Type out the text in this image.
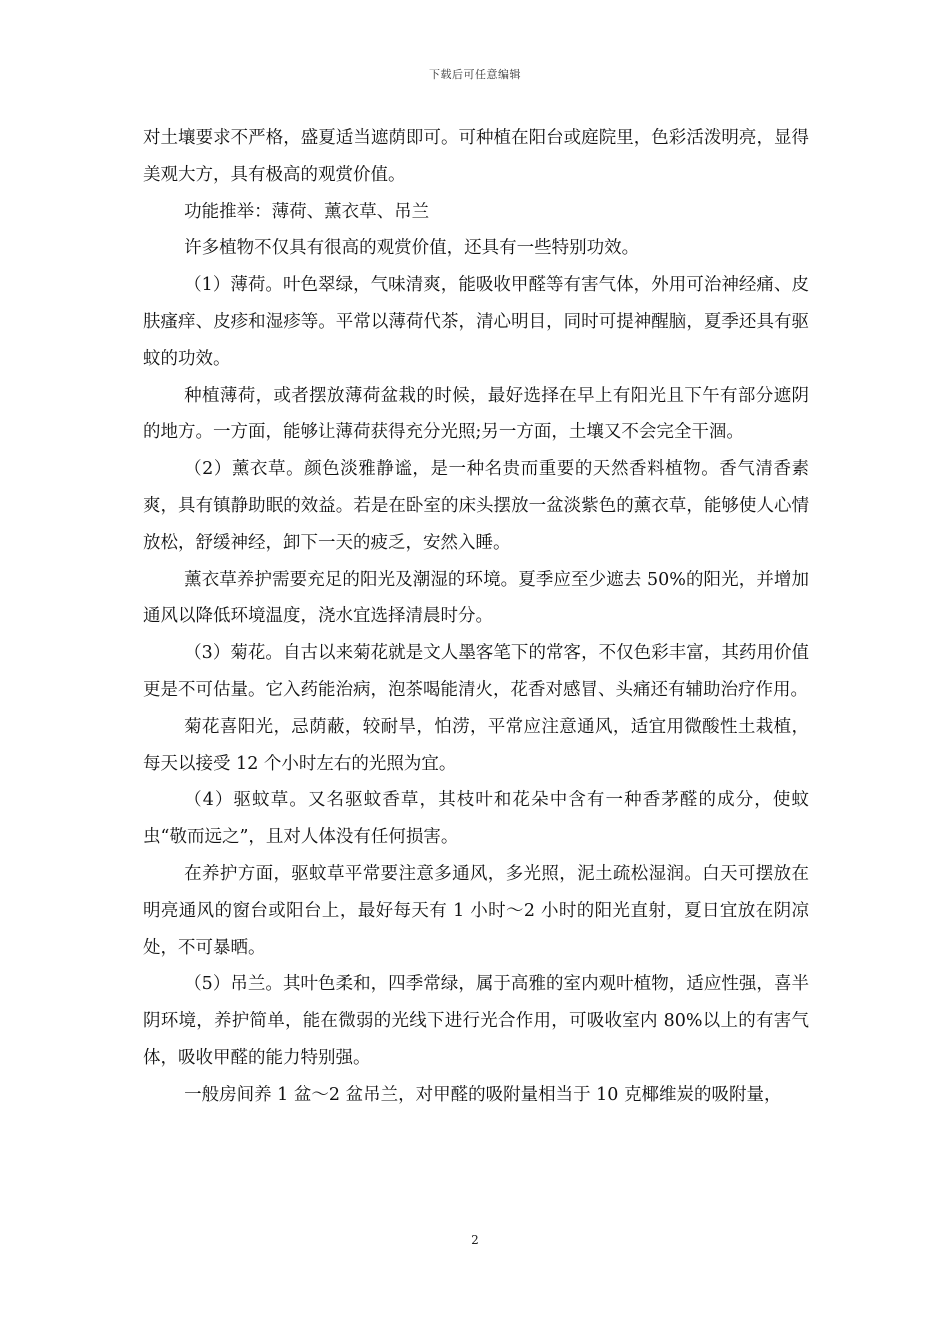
下载后可任意编辑

对土壤要求不严格，盛夏适当遮荫即可。可种植在阳台或庭院里，色彩活泼明亮，显得美观大方，具有极高的观赏价值。

功能推举：薄荷、薰衣草、吊兰

许多植物不仅具有很高的观赏价值，还具有一些特别功效。

（1）薄荷。叶色翠绿，气味清爽，能吸收甲醛等有害气体，外用可治神经痛、皮肤瘙痒、皮疹和湿疹等。平常以薄荷代茶，清心明目，同时可提神醒脑，夏季还具有驱蚊的功效。

种植薄荷，或者摆放薄荷盆栽的时候，最好选择在早上有阳光且下午有部分遮阴的地方。一方面，能够让薄荷获得充分光照;另一方面，土壤又不会完全干涸。

（2）薰衣草。颜色淡雅静谧，是一种名贵而重要的天然香料植物。香气清香素爽，具有镇静助眠的效益。若是在卧室的床头摆放一盆淡紫色的薰衣草，能够使人心情放松，舒缓神经，卸下一天的疲乏，安然入睡。

薰衣草养护需要充足的阳光及潮湿的环境。夏季应至少遮去 50%的阳光，并增加通风以降低环境温度，浇水宜选择清晨时分。

（3）菊花。自古以来菊花就是文人墨客笔下的常客，不仅色彩丰富，其药用价值更是不可估量。它入药能治病，泡茶喝能清火，花香对感冒、头痛还有辅助治疗作用。

菊花喜阳光，忌荫蔽，较耐旱，怕涝，平常应注意通风，适宜用微酸性土栽植，每天以接受 12 个小时左右的光照为宜。

（4）驱蚊草。又名驱蚊香草，其枝叶和花朵中含有一种香茅醛的成分，使蚊虫“敬而远之”，且对人体没有任何损害。

在养护方面，驱蚊草平常要注意多通风，多光照，泥土疏松湿润。白天可摆放在明亮通风的窗台或阳台上，最好每天有 1 小时～2 小时的阳光直射，夏日宜放在阴凉处，不可暴晒。

（5）吊兰。其叶色柔和，四季常绿，属于高雅的室内观叶植物，适应性强，喜半阴环境，养护简单，能在微弱的光线下进行光合作用，可吸收室内 80%以上的有害气体，吸收甲醛的能力特别强。

一般房间养 1 盆～2 盆吊兰，对甲醛的吸附量相当于 10 克椰维炭的吸附量，

2
